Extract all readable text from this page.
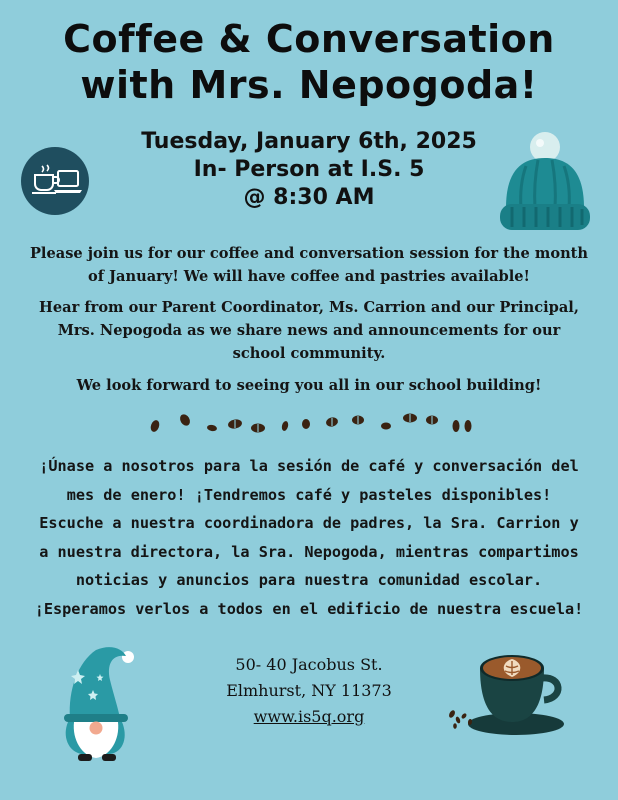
Coffee & Conversation
with Mrs. Nepogoda!
Tuesday, January 6th, 2025
In- Person at I.S. 5
@ 8:30 AM
Please join us for our coffee and conversation session for the month
of January! We will have coffee and pastries available!
Hear from our Parent Coordinator, Ms. Carrion and our Principal,
Mrs. Nepogoda as we share news and announcements for our
school community.
We look forward to seeing you all in our school building!
¡Únase a nosotros para la sesión de café y conversación del
mes de enero! ¡Tendremos café y pasteles disponibles!
Escuche a nuestra coordinadora de padres, la Sra. Carrion y
a nuestra directora, la Sra. Nepogoda, mientras compartimos
noticias y anuncios para nuestra comunidad escolar.
¡Esperamos verlos a todos en el edificio de nuestra escuela!
50- 40 Jacobus St.
Elmhurst, NY 11373
www.is5q.org
